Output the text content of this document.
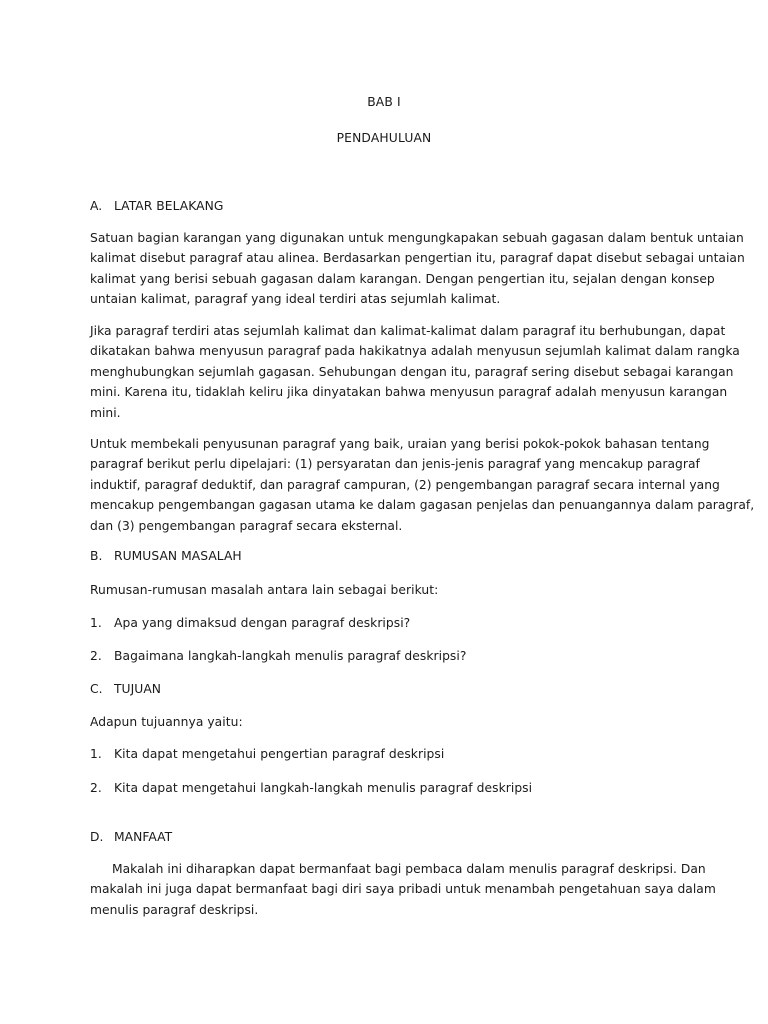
BAB I
PENDAHULUAN
A. LATAR BELAKANG
Satuan bagian karangan yang digunakan untuk mengungkapakan sebuah gagasan dalam bentuk untaian
kalimat disebut paragraf atau alinea. Berdasarkan pengertian itu, paragraf dapat disebut sebagai untaian
kalimat yang berisi sebuah gagasan dalam karangan. Dengan pengertian itu, sejalan dengan konsep
untaian kalimat, paragraf yang ideal terdiri atas sejumlah kalimat.
Jika paragraf terdiri atas sejumlah kalimat dan kalimat-kalimat dalam paragraf itu berhubungan, dapat
dikatakan bahwa menyusun paragraf pada hakikatnya adalah menyusun sejumlah kalimat dalam rangka
menghubungkan sejumlah gagasan. Sehubungan dengan itu, paragraf sering disebut sebagai karangan
mini. Karena itu, tidaklah keliru jika dinyatakan bahwa menyusun paragraf adalah menyusun karangan
mini.
Untuk membekali penyusunan paragraf yang baik, uraian yang berisi pokok-pokok bahasan tentang
paragraf berikut perlu dipelajari: (1) persyaratan dan jenis-jenis paragraf yang mencakup paragraf
induktif, paragraf deduktif, dan paragraf campuran, (2) pengembangan paragraf secara internal yang
mencakup pengembangan gagasan utama ke dalam gagasan penjelas dan penuangannya dalam paragraf,
dan (3) pengembangan paragraf secara eksternal.
B. RUMUSAN MASALAH
Rumusan-rumusan masalah antara lain sebagai berikut:
1. Apa yang dimaksud dengan paragraf deskripsi?
2. Bagaimana langkah-langkah menulis paragraf deskripsi?
C. TUJUAN
Adapun tujuannya yaitu:
1. Kita dapat mengetahui pengertian paragraf deskripsi
2. Kita dapat mengetahui langkah-langkah menulis paragraf deskripsi
D. MANFAAT
Makalah ini diharapkan dapat bermanfaat bagi pembaca dalam menulis paragraf deskripsi. Dan
makalah ini juga dapat bermanfaat bagi diri saya pribadi untuk menambah pengetahuan saya dalam
menulis paragraf deskripsi.
